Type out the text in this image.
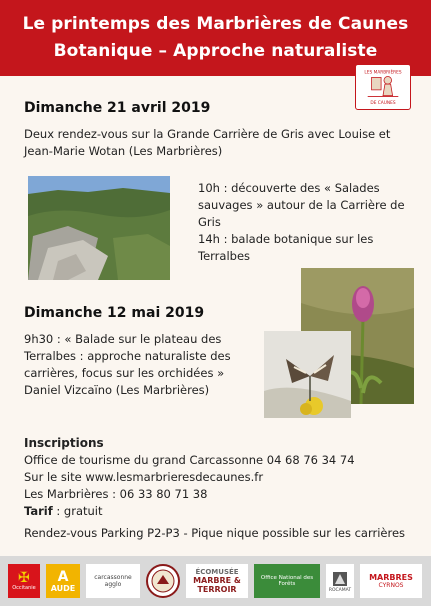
Le printemps des Marbrières de Caunes
Botanique – Approche naturaliste
LES MARBRIÈRES
DE CAUNES
Dimanche 21 avril 2019
Deux rendez-vous sur la Grande Carrière de Gris avec Louise et
Jean-Marie Wotan (Les Marbrières)
10h : découverte des « Salades
sauvages » autour de la Carrière de
Gris
14h : balade botanique sur les
Terralbes
Dimanche 12 mai 2019
9h30 : « Balade sur le plateau des
Terralbes : approche naturaliste des
carrières, focus sur les orchidées »
Daniel Vizcaïno (Les Marbrières)
Inscriptions
Office de tourisme du grand Carcassonne 04 68 76 34 74
Sur le site www.lesmarbrieresdecaunes.fr
Les Marbrières : 06 33 80 71 38
Tarif : gratuit
Rendez-vous Parking P2-P3 - Pique nique possible sur les carrières
✠
Occitanie
A
AUDE
carcassonne agglo
ÉCOMUSÉE
MARBRE &
TERROIR
Office National des Forêts
ROCAMAT
MARBRES
CYRNOS
